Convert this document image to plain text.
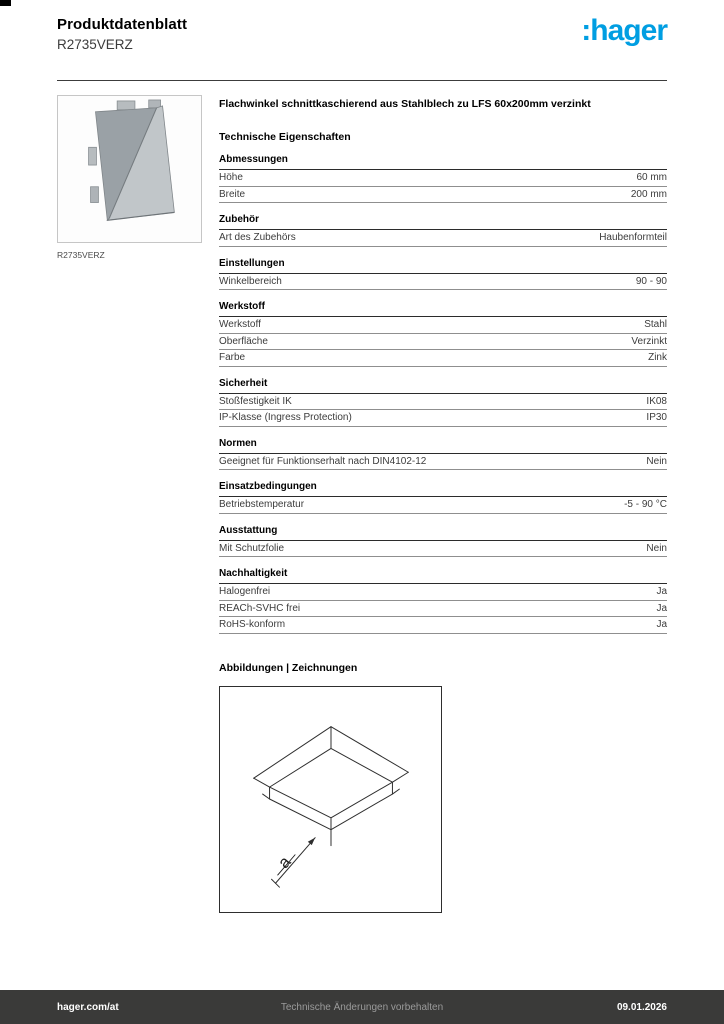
Produktdatenblatt
R2735VERZ	:hager
R2735VERZ
Flachwinkel schnittkaschierend aus Stahlblech zu LFS 60x200mm verzinkt
Technische Eigenschaften
Abmessungen
Höhe	60 mm
Breite	200 mm
Zubehör
Art des Zubehörs	Haubenformteil
Einstellungen
Winkelbereich	90 - 90
Werkstoff
Werkstoff	Stahl
Oberfläche	Verzinkt
Farbe	Zink
Sicherheit
Stoßfestigkeit IK	IK08
IP-Klasse (Ingress Protection)	IP30
Normen
Geeignet für Funktionserhalt nach DIN4102-12	Nein
Einsatzbedingungen
Betriebstemperatur	-5 - 90 °C
Ausstattung
Mit Schutzfolie	Nein
Nachhaltigkeit
Halogenfrei	Ja
REACh-SVHC frei	Ja
RoHS-konform	Ja
Abbildungen | Zeichnungen
a
hager.com/at	Technische Änderungen vorbehalten	09.01.2026
